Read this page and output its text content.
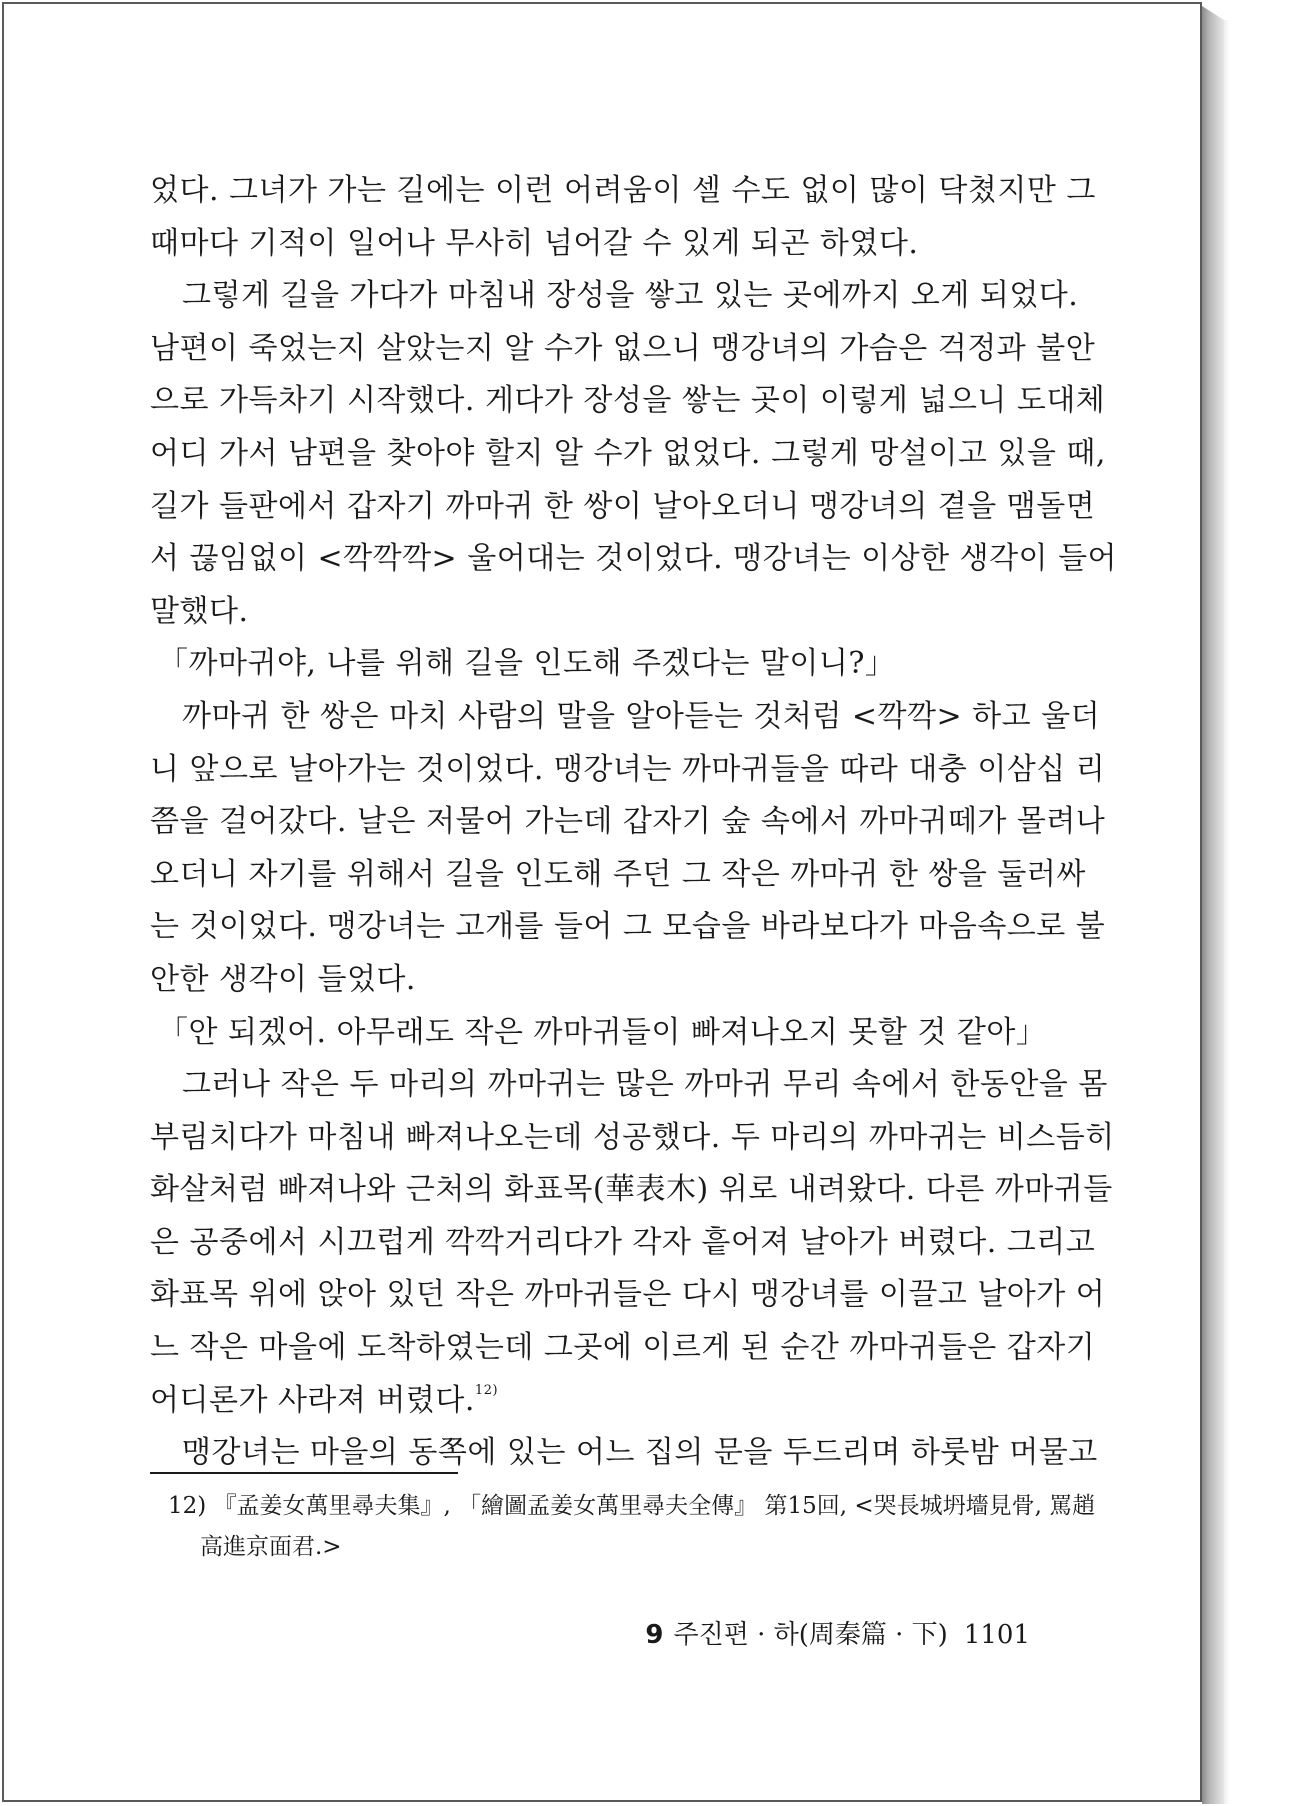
었다. 그녀가 가는 길에는 이런 어려움이 셀 수도 없이 많이 닥쳤지만 그
때마다 기적이 일어나 무사히 넘어갈 수 있게 되곤 하였다.
그렇게 길을 가다가 마침내 장성을 쌓고 있는 곳에까지 오게 되었다.
남편이 죽었는지 살았는지 알 수가 없으니 맹강녀의 가슴은 걱정과 불안
으로 가득차기 시작했다. 게다가 장성을 쌓는 곳이 이렇게 넓으니 도대체
어디 가서 남편을 찾아야 할지 알 수가 없었다. 그렇게 망설이고 있을 때,
길가 들판에서 갑자기 까마귀 한 쌍이 날아오더니 맹강녀의 곁을 맴돌면
서 끊임없이 <깍깍깍> 울어대는 것이었다. 맹강녀는 이상한 생각이 들어
말했다.
「까마귀야, 나를 위해 길을 인도해 주겠다는 말이니?」
까마귀 한 쌍은 마치 사람의 말을 알아듣는 것처럼 <깍깍> 하고 울더
니 앞으로 날아가는 것이었다. 맹강녀는 까마귀들을 따라 대충 이삼십 리
쯤을 걸어갔다. 날은 저물어 가는데 갑자기 숲 속에서 까마귀떼가 몰려나
오더니 자기를 위해서 길을 인도해 주던 그 작은 까마귀 한 쌍을 둘러싸
는 것이었다. 맹강녀는 고개를 들어 그 모습을 바라보다가 마음속으로 불
안한 생각이 들었다.
「안 되겠어. 아무래도 작은 까마귀들이 빠져나오지 못할 것 같아」
그러나 작은 두 마리의 까마귀는 많은 까마귀 무리 속에서 한동안을 몸
부림치다가 마침내 빠져나오는데 성공했다. 두 마리의 까마귀는 비스듬히
화살처럼 빠져나와 근처의 화표목(華表木) 위로 내려왔다. 다른 까마귀들
은 공중에서 시끄럽게 깍깍거리다가 각자 흩어져 날아가 버렸다. 그리고
화표목 위에 앉아 있던 작은 까마귀들은 다시 맹강녀를 이끌고 날아가 어
느 작은 마을에 도착하였는데 그곳에 이르게 된 순간 까마귀들은 갑자기
어디론가 사라져 버렸다.$^{12)}$
맹강녀는 마을의 동쪽에 있는 어느 집의 문을 두드리며 하룻밤 머물고
12) 『孟姜女萬里尋夫集』, 「繪圖孟姜女萬里尋夫全傳』 第15回, <哭長城坍墻見骨, 罵趙
高進京面君.>
9 주진편 · 하(周秦篇 · 下) 1101
